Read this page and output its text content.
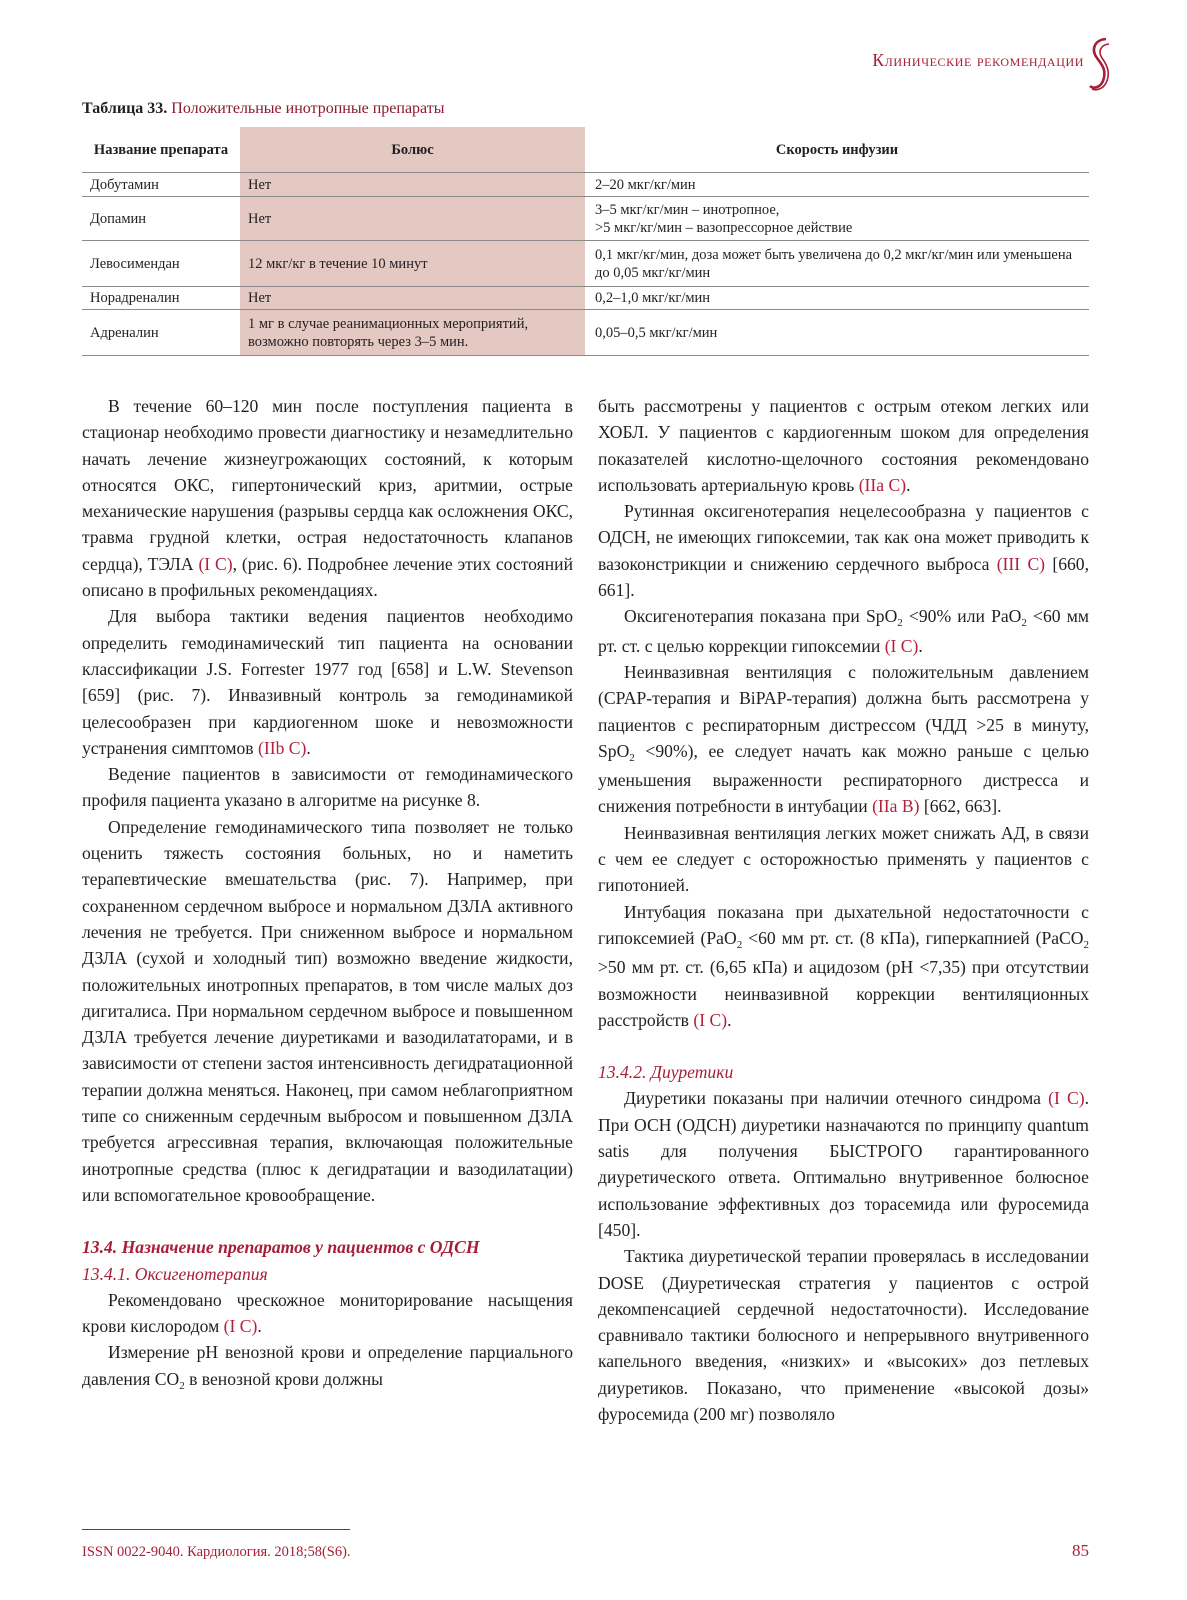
Клинические рекомендации
Таблица 33. Положительные инотропные препараты
Название препарата	Болюс	Скорость инфузии
Добутамин	Нет	2–20 мкг/кг/мин
Допамин	Нет	3–5 мкг/кг/мин – инотропное,
>5 мкг/кг/мин – вазопрессорное действие
Левосимендан	12 мкг/кг в течение 10 минут	0,1 мкг/кг/мин, доза может быть увеличена до 0,2 мкг/кг/мин или уменьшена до 0,05 мкг/кг/мин
Норадреналин	Нет	0,2–1,0 мкг/кг/мин
Адреналин	1 мг в случае реанимационных мероприятий, возможно повторять через 3–5 мин.	0,05–0,5 мкг/кг/мин

В течение 60–120 мин после поступления пациента в стационар необходимо провести диагностику и незамедлительно начать лечение жизнеугрожающих состояний, к которым относятся ОКС, гипертонический криз, аритмии, острые механические нарушения (разрывы сердца как осложнения ОКС, травма грудной клетки, острая недостаточность клапанов сердца), ТЭЛА (I C), (рис. 6). Подробнее лечение этих состояний описано в профильных рекомендациях.

Для выбора тактики ведения пациентов необходимо определить гемодинамический тип пациента на основании классификации J.S. Forrester 1977 год [658] и L.W. Stevenson [659] (рис. 7). Инвазивный контроль за гемодинамикой целесообразен при кардиогенном шоке и невозможности устранения симптомов (IIb C).

Ведение пациентов в зависимости от гемодинамического профиля пациента указано в алгоритме на рисунке 8.

Определение гемодинамического типа позволяет не только оценить тяжесть состояния больных, но и наметить терапевтические вмешательства (рис. 7). Например, при сохраненном сердечном выбросе и нормальном ДЗЛА активного лечения не требуется. При сниженном выбросе и нормальном ДЗЛА (сухой и холодный тип) возможно введение жидкости, положительных инотропных препаратов, в том числе малых доз дигиталиса. При нормальном сердечном выбросе и повышенном ДЗЛА требуется лечение диуретиками и вазодилататорами, и в зависимости от степени застоя интенсивность дегидратационной терапии должна меняться. Наконец, при самом неблагоприятном типе со сниженным сердечным выбросом и повышенном ДЗЛА требуется агрессивная терапия, включающая положительные инотропные средства (плюс к дегидратации и вазодилатации) или вспомогательное кровообращение.

13.4. Назначение препаратов у пациентов с ОДСН

13.4.1. Оксигенотерапия

Рекомендовано чрескожное мониторирование насыщения крови кислородом (I C).

Измерение pH венозной крови и определение парциального давления $CO_2$ в венозной крови должны

быть рассмотрены у пациентов с острым отеком легких или ХОБЛ. У пациентов с кардиогенным шоком для определения показателей кислотно-щелочного состояния рекомендовано использовать артериальную кровь (IIa C).

Рутинная оксигенотерапия нецелесообразна у пациентов с ОДСН, не имеющих гипоксемии, так как она может приводить к вазоконстрикции и снижению сердечного выброса (III C) [660, 661].

Оксигенотерапия показана при SpO$_2$ <90% или PaO$_2$ <60 мм рт. ст. с целью коррекции гипоксемии (I C).

Неинвазивная вентиляция с положительным давлением (CPAP-терапия и BiPAP-терапия) должна быть рассмотрена у пациентов с респираторным дистрессом (ЧДД >25 в минуту, SpO$_2$ <90%), ее следует начать как можно раньше с целью уменьшения выраженности респираторного дистресса и снижения потребности в интубации (IIa B) [662, 663].

Неинвазивная вентиляция легких может снижать АД, в связи с чем ее следует с осторожностью применять у пациентов с гипотонией.

Интубация показана при дыхательной недостаточности с гипоксемией (PaO$_2$ <60 мм рт. ст. (8 кПа), гиперкапнией (PaCO$_2$ >50 мм рт. ст. (6,65 кПа) и ацидозом (pH <7,35) при отсутствии возможности неинвазивной коррекции вентиляционных расстройств (I C).

13.4.2. Диуретики

Диуретики показаны при наличии отечного синдрома (I C). При ОСН (ОДСН) диуретики назначаются по принципу quantum satis для получения БЫСТРОГО гарантированного диуретического ответа. Оптимально внутривенное болюсное использование эффективных доз торасемида или фуросемида [450].

Тактика диуретической терапии проверялась в исследовании DOSE (Диуретическая стратегия у пациентов с острой декомпенсацией сердечной недостаточности). Исследование сравнивало тактики болюсного и непрерывного внутривенного капельного введения, «низких» и «высоких» доз петлевых диуретиков. Показано, что применение «высокой дозы» фуросемида (200 мг) позволяло

ISSN 0022-9040. Кардиология. 2018;58(S6).	85
